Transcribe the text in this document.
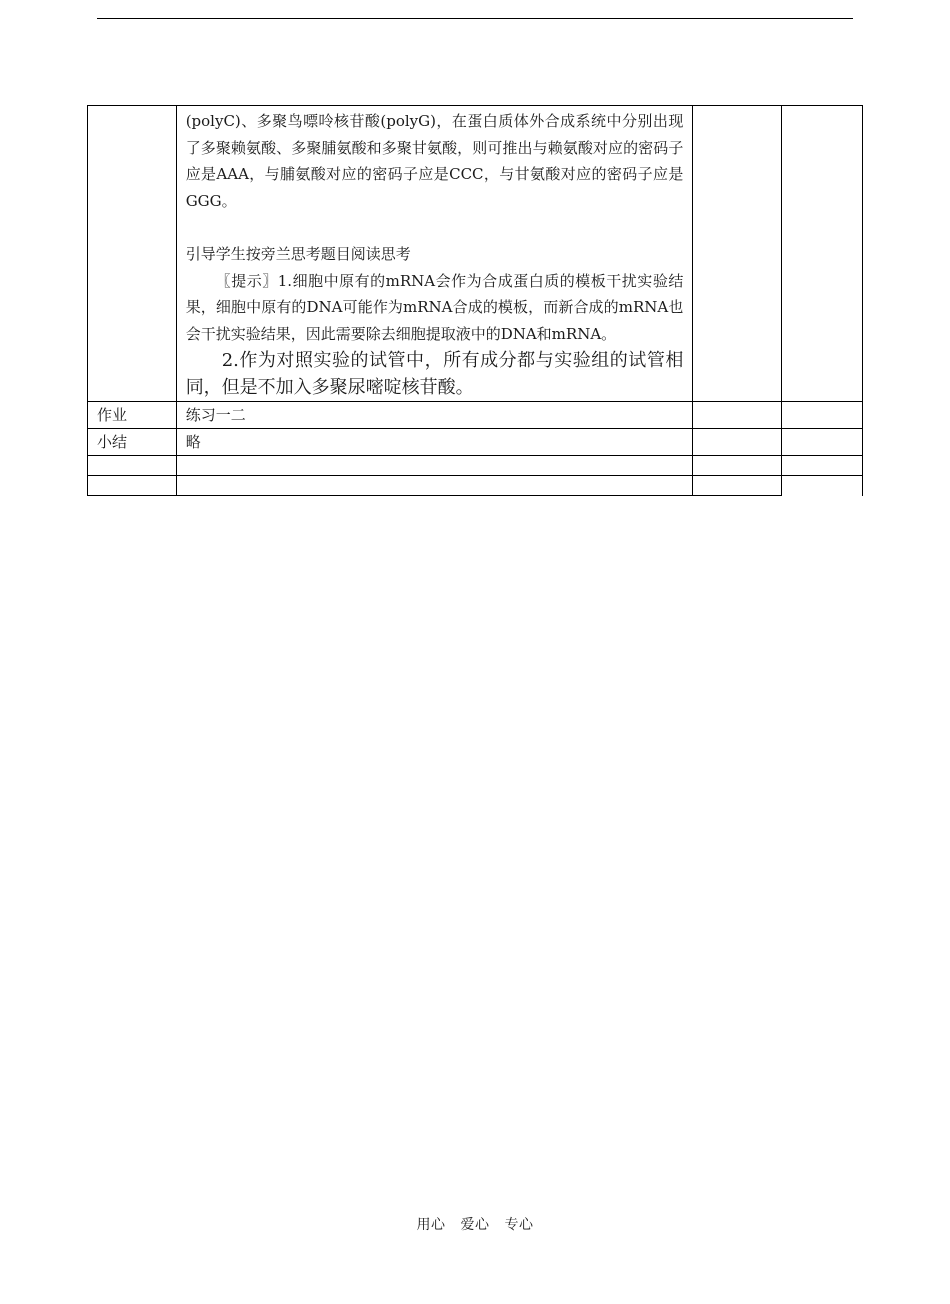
	(polyC)、多聚鸟嘌呤核苷酸(polyG)，在蛋白质体外合成系统中分别出现了多聚赖氨酸、多聚脯氨酸和多聚甘氨酸，则可推出与赖氨酸对应的密码子应是AAA，与脯氨酸对应的密码子应是CCC，与甘氨酸对应的密码子应是GGG。

引导学生按旁兰思考题目阅读思考

〖提示〗1.细胞中原有的mRNA会作为合成蛋白质的模板干扰实验结果，细胞中原有的DNA可能作为mRNA合成的模板，而新合成的mRNA也会干扰实验结果，因此需要除去细胞提取液中的DNA和mRNA。

2.作为对照实验的试管中，所有成分都与实验组的试管相同，但是不加入多聚尿嘧啶核苷酸。		

作业	练习一二		
小结	略		

用心 爱心 专心
